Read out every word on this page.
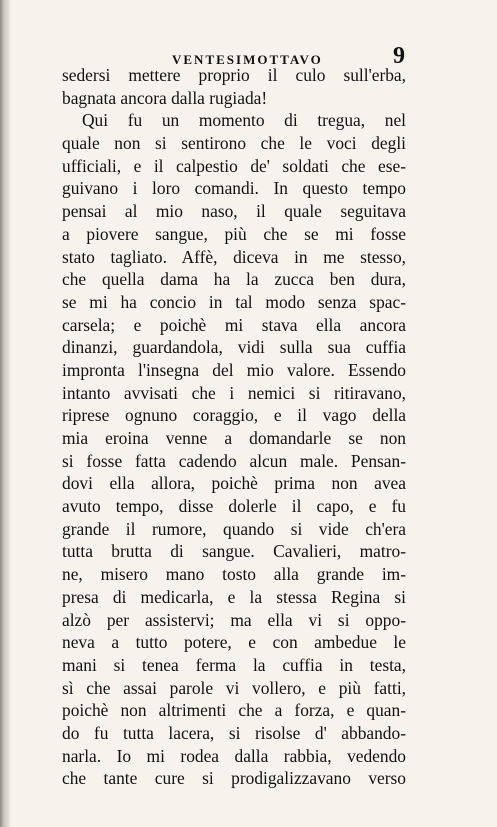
VENTESIMOTTAVO	9
sedersi mettere proprio il culo sull'erba,
bagnata ancora dalla rugiada!
Qui fu un momento di tregua, nel
quale non si sentirono che le voci degli
ufficiali, e il calpestio de' soldati che ese-
guivano i loro comandi. In questo tempo
pensai al mio naso, il quale seguitava
a piovere sangue, più che se mi fosse
stato tagliato. Affè, diceva in me stesso,
che quella dama ha la zucca ben dura,
se mi ha concio in tal modo senza spac-
carsela; e poichè mi stava ella ancora
dinanzi, guardandola, vidi sulla sua cuffia
impronta l'insegna del mio valore. Essendo
intanto avvisati che i nemici si ritiravano,
riprese ognuno coraggio, e il vago della
mia eroina venne a domandarle se non
si fosse fatta cadendo alcun male. Pensan-
dovi ella allora, poichè prima non avea
avuto tempo, disse dolerle il capo, e fu
grande il rumore, quando si vide ch'era
tutta brutta di sangue. Cavalieri, matro-
ne, misero mano tosto alla grande im-
presa di medicarla, e la stessa Regina si
alzò per assistervi; ma ella vi si oppo-
neva a tutto potere, e con ambedue le
mani si tenea ferma la cuffia in testa,
sì che assai parole vi vollero, e più fatti,
poichè non altrimenti che a forza, e quan-
do fu tutta lacera, si risolse d' abbando-
narla. Io mi rodea dalla rabbia, vedendo
che tante cure si prodigalizzavano verso
